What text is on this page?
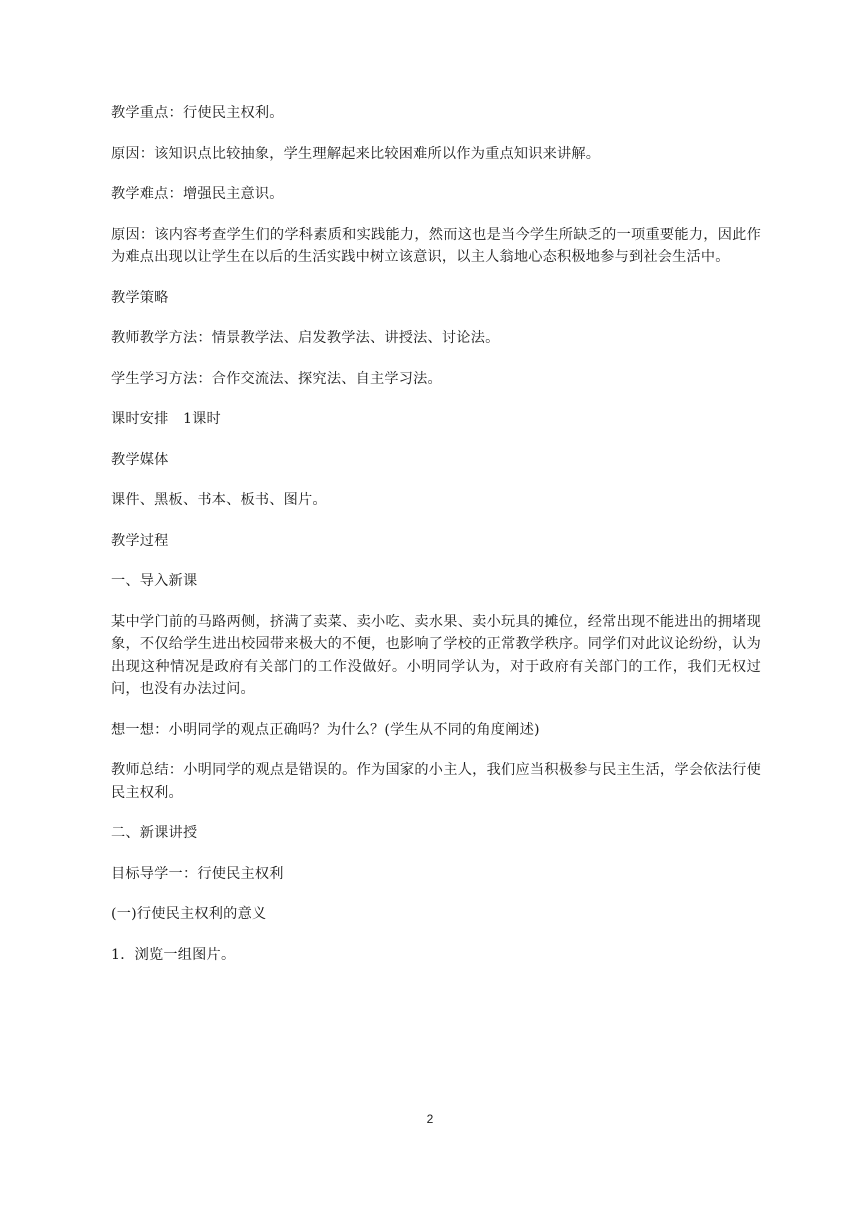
教学重点：行使民主权利。

原因：该知识点比较抽象，学生理解起来比较困难所以作为重点知识来讲解。

教学难点：增强民主意识。

原因：该内容考查学生们的学科素质和实践能力，然而这也是当今学生所缺乏的一项重要能力，因此作为难点出现以让学生在以后的生活实践中树立该意识，以主人翁地心态积极地参与到社会生活中。

教学策略

教师教学方法：情景教学法、启发教学法、讲授法、讨论法。

学生学习方法：合作交流法、探究法、自主学习法。

课时安排　1课时

教学媒体

课件、黑板、书本、板书、图片。

教学过程

一、导入新课

某中学门前的马路两侧，挤满了卖菜、卖小吃、卖水果、卖小玩具的摊位，经常出现不能进出的拥堵现象，不仅给学生进出校园带来极大的不便，也影响了学校的正常教学秩序。同学们对此议论纷纷，认为出现这种情况是政府有关部门的工作没做好。小明同学认为，对于政府有关部门的工作，我们无权过问，也没有办法过问。

想一想：小明同学的观点正确吗？为什么？(学生从不同的角度阐述)

教师总结：小明同学的观点是错误的。作为国家的小主人，我们应当积极参与民主生活，学会依法行使民主权利。

二、新课讲授

目标导学一：行使民主权利

(一)行使民主权利的意义

1．浏览一组图片。

2
